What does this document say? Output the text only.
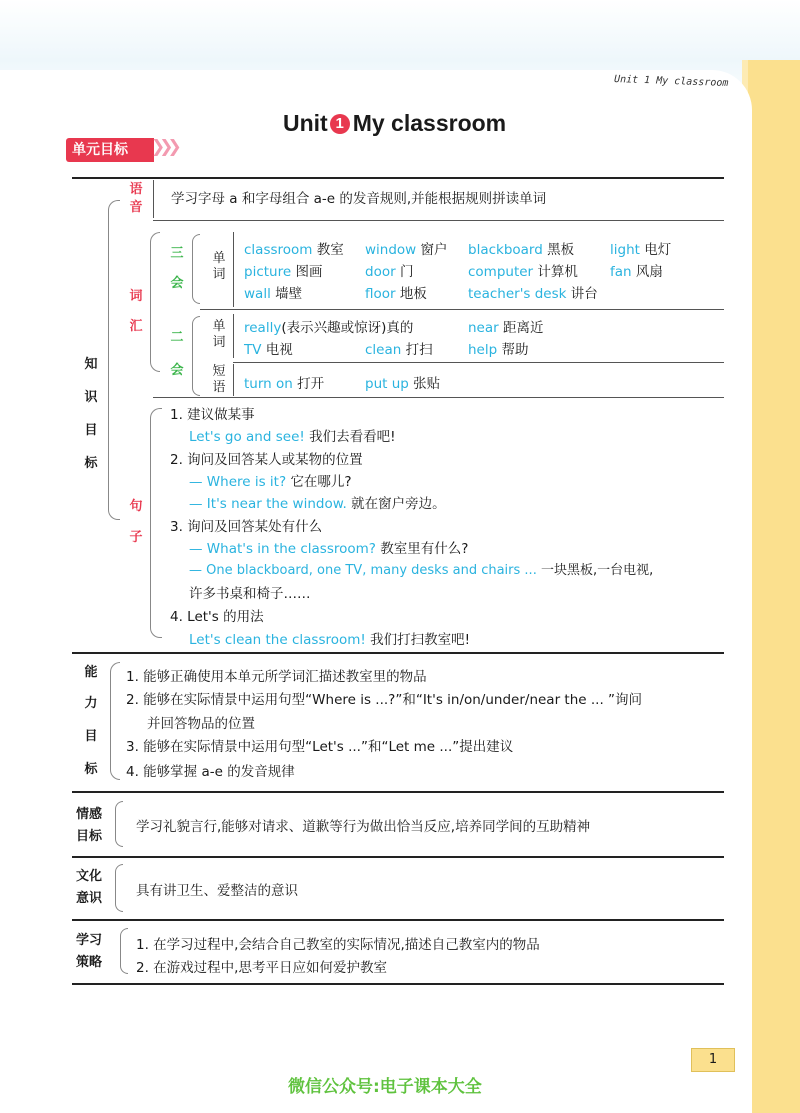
Unit 1 My classroom
Unit 1 My classroom
单元目标	❯❯❯
知
识
目
标
语
音
学习字母 a 和字母组合 a-e 的发音规则,并能根据规则拼读单词
词
汇
三
会
单
词
classroom 教室 window 窗户 blackboard 黑板	light 电灯
picture 图画	door 门	computer 计算机 fan 风扇
wall 墙壁	floor 地板	teacher's desk 讲台
二
会
单
词
really(表示兴趣或惊讶)真的	near 距离近
TV 电视	clean 打扫	help 帮助
短
语 turn on 打开	put up 张贴
句
子
1. 建议做某事
Let's go and see! 我们去看看吧!
2. 询问及回答某人或某物的位置
— Where is it? 它在哪儿?
— It's near the window. 就在窗户旁边。
3. 询问及回答某处有什么
— What's in the classroom? 教室里有什么?
— One blackboard, one TV, many desks and chairs ... 一块黑板,一台电视,
许多书桌和椅子……
4. Let's 的用法
Let's clean the classroom! 我们打扫教室吧!
能
力
目
标
1. 能够正确使用本单元所学词汇描述教室里的物品
2. 能够在实际情景中运用句型“Where is ...?”和“It's in/on/under/near the ... ”询问
并回答物品的位置
3. 能够在实际情景中运用句型“Let's ...”和“Let me ...”提出建议
4. 能够掌握 a-e 的发音规律
情感
目标
学习礼貌言行,能够对请求、道歉等行为做出恰当反应,培养同学间的互助精神
文化
意识	具有讲卫生、爱整洁的意识
学习
策略
1. 在学习过程中,会结合自己教室的实际情况,描述自己教室内的物品
2. 在游戏过程中,思考平日应如何爱护教室
1
微信公众号:电子课本大全
